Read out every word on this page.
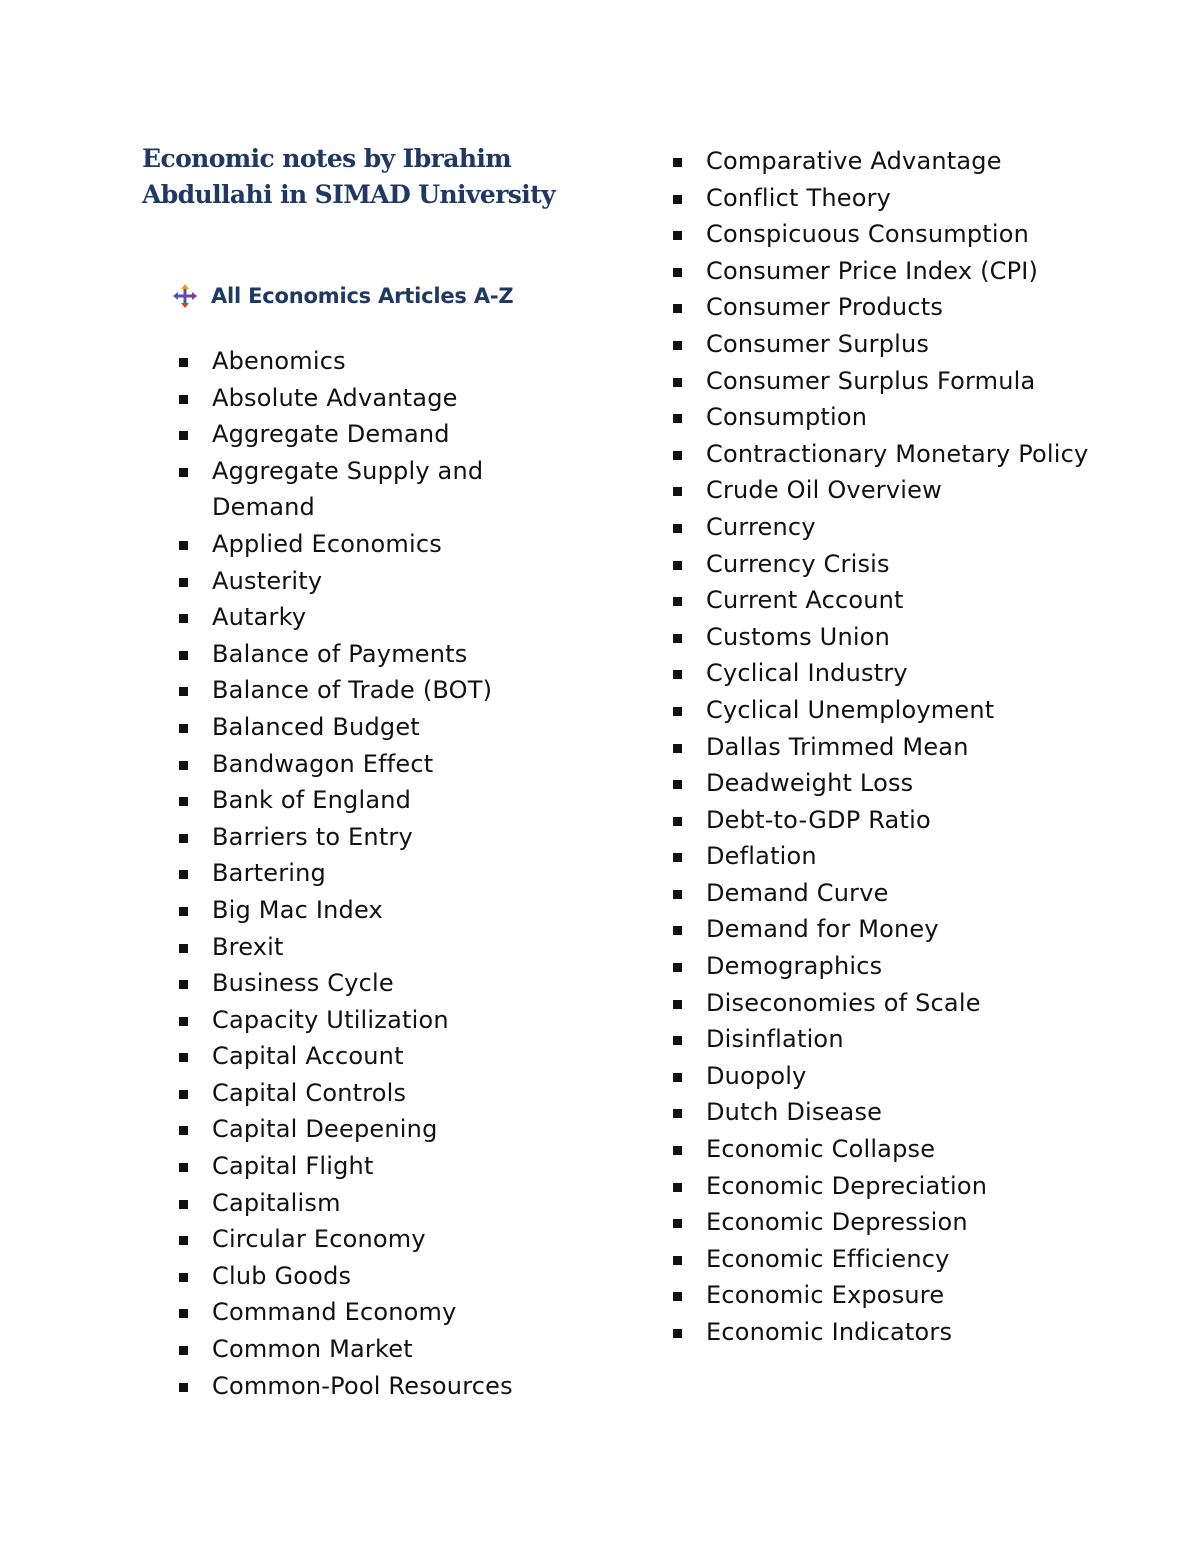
Economic notes by Ibrahim Abdullahi in SIMAD University
All Economics Articles A-Z
Abenomics
Absolute Advantage
Aggregate Demand
Aggregate Supply and Demand
Applied Economics
Austerity
Autarky
Balance of Payments
Balance of Trade (BOT)
Balanced Budget
Bandwagon Effect
Bank of England
Barriers to Entry
Bartering
Big Mac Index
Brexit
Business Cycle
Capacity Utilization
Capital Account
Capital Controls
Capital Deepening
Capital Flight
Capitalism
Circular Economy
Club Goods
Command Economy
Common Market
Common-Pool Resources
Comparative Advantage
Conflict Theory
Conspicuous Consumption
Consumer Price Index (CPI)
Consumer Products
Consumer Surplus
Consumer Surplus Formula
Consumption
Contractionary Monetary Policy
Crude Oil Overview
Currency
Currency Crisis
Current Account
Customs Union
Cyclical Industry
Cyclical Unemployment
Dallas Trimmed Mean
Deadweight Loss
Debt-to-GDP Ratio
Deflation
Demand Curve
Demand for Money
Demographics
Diseconomies of Scale
Disinflation
Duopoly
Dutch Disease
Economic Collapse
Economic Depreciation
Economic Depression
Economic Efficiency
Economic Exposure
Economic Indicators
